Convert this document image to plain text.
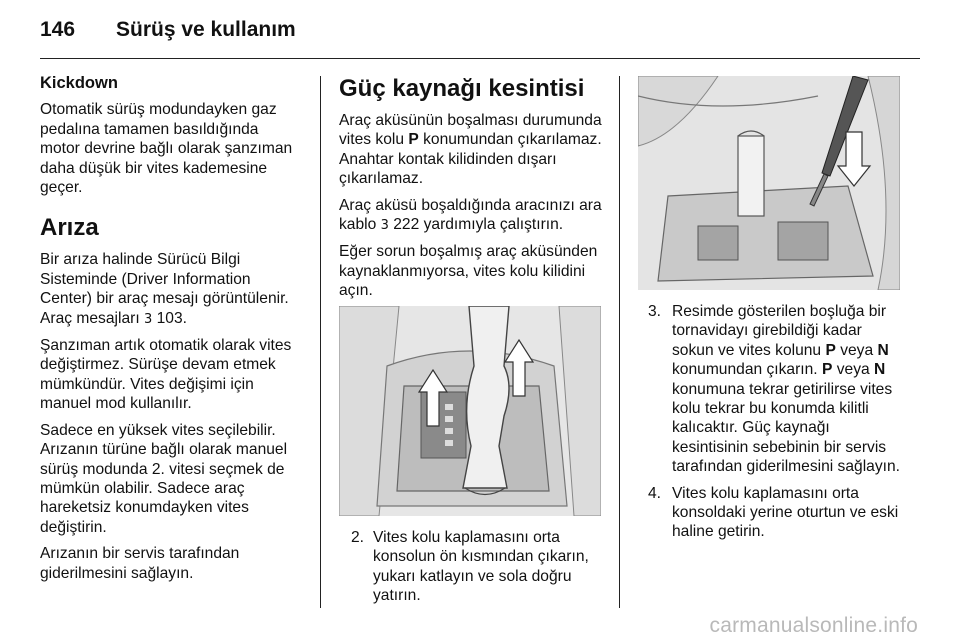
146 Sürüş ve kullanım

Kickdown

Otomatik sürüş modundayken gaz pedalına tamamen basıldığında motor devrine bağlı olarak şanzıman daha düşük bir vites kademesine geçer.

Arıza

Bir arıza halinde Sürücü Bilgi Sisteminde (Driver Information Center) bir araç mesajı görüntülenir. Araç mesajları 3 103.

Şanzıman artık otomatik olarak vites değiştirmez. Sürüşe devam etmek mümkündür. Vites değişimi için manuel mod kullanılır.

Sadece en yüksek vites seçilebilir. Arızanın türüne bağlı olarak manuel sürüş modunda 2. vitesi seçmek de mümkün olabilir. Sadece araç hareketsiz konumdayken vites değiştirin.

Arızanın bir servis tarafından giderilmesini sağlayın.

Güç kaynağı kesintisi

Araç aküsünün boşalması durumunda vites kolu P konumundan çıkarılamaz. Anahtar kontak kilidinden dışarı çıkarılamaz.

Araç aküsü boşaldığında aracınızı ara kablo 3 222 yardımıyla çalıştırın.

Eğer sorun boşalmış araç aküsünden kaynaklanmıyorsa, vites kolu kilidini açın.

2. Vites kolu kaplamasını orta konsolun ön kısmından çıkarın, yukarı katlayın ve sola doğru yatırın.
3. Resimde gösterilen boşluğa bir tornavidayı girebildiği kadar sokun ve vites kolunu P veya N konumundan çıkarın. P veya N konumuna tekrar getirilirse vites kolu tekrar bu konumda kilitli kalıcaktır. Güç kaynağı kesintisinin sebebinin bir servis tarafından giderilmesini sağlayın.
4. Vites kolu kaplamasını orta konsoldaki yerine oturtun ve eski haline getirin.
carmanualsonline.info
